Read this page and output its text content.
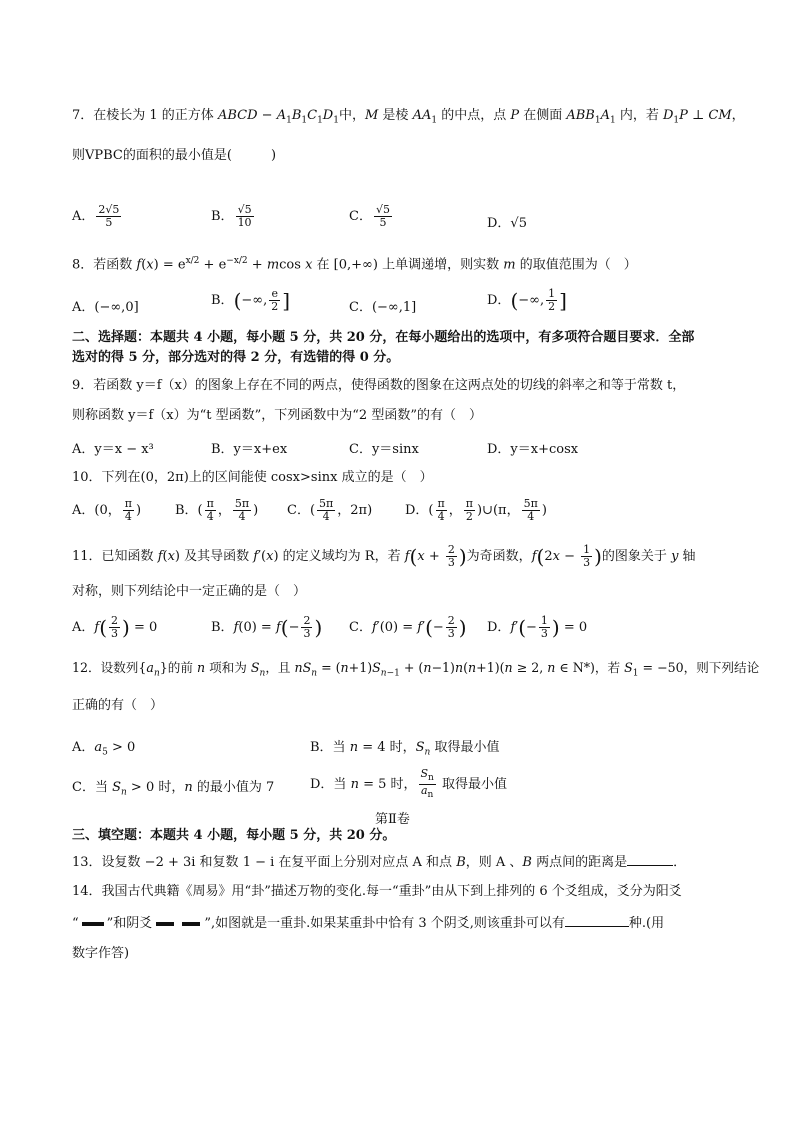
7．在棱长为 1 的正方体 ABCD − $A_1B_1C_1D_1$中，M 是棱 $AA_1$ 的中点，点 P 在侧面 $ABB_1A_1$ 内，若 $D_1P$ ⊥ CM，
则VPBC的面积的最小值是(　　　)
A． $\frac{2√5}{5}$	B． $\frac{√5}{10}$	C． $\frac{√5}{5}$	D．√5
8．若函数 $f(x) = e^{x/2} + e^{-x/2} + mcos$ x 在 [0,+∞) 上单调递增，则实数 m 的取值范围为（　）
A．(−∞,0]	B．(−∞, $\frac{e}{2}$ ]	C．(−∞,1]	D．(−∞, $\frac{1}{2}$ ]
二、选择题：本题共 4 小题，每小题 5 分，共 20 分，在每小题给出的选项中，有多项符合题目要求．全部
选对的得 5 分，部分选对的得 2 分，有选错的得 0 分。
9．若函数 y＝f（x）的图象上存在不同的两点，使得函数的图象在这两点处的切线的斜率之和等于常数 t，
则称函数 y＝f（x）为“t 型函数”，下列函数中为“2 型函数”的有（　）
A．y＝x − x³	B．y＝x+ex	C．y＝sinx	D．y＝x+cosx
10．下列在(0，2π)上的区间能使 cosx>sinx 成立的是（　）
A．(0， $\frac{\pi}{4}$ )	B．( $\frac{\pi}{4}$ ， $\frac{5\pi}{4}$ ) C．( $\frac{5\pi}{4}$ ，2π)	D．( $\frac{\pi}{4}$ ， $\frac{\pi}{2}$ )∪(π， $\frac{5\pi}{4}$ )
11．已知函数 f(x) 及其导函数 f′(x) 的定义域均为 R，若 $f(x + \frac{2}{3}$ )为奇函数，$f(2x - \frac{1}{3}$ )的图象关于 y 轴
对称，则下列结论中一定正确的是（　）
A．$f( \frac{2}{3}$ ) = 0	B．$f(0) = f(- \frac{2}{3}$ ) C．$f'(0) = f'(- \frac{2}{3}$ ) D．$f'(- \frac{1}{3}$ ) = 0
12．设数列$\{a_n\}$的前 n 项和为 $S_n$，且 $nS_n = (n+1)S_{n-1} + (n-1)n(n+1)(n \ge 2$, n ∈ N*)，若 $S_1 = -50$，则下列结论
正确的有（　）
A．$a_5 > 0$	B．当 n = 4 时，$S_n$ 取得最小值
C．当 $S_n > 0$ 时，n 的最小值为 7	D．当 n = 5 时， $\frac{S_n}{a_n}$ 取得最小值
第Ⅱ卷
三、填空题：本题共 4 小题，每小题 5 分，共 20 分。
13．设复数 −2 + 3i 和复数 1 − i 在复平面上分别对应点 A 和点 B，则 A 、B 两点间的距离是	．
14．我国古代典籍《周易》用“卦”描述万物的变化.每一“重卦”由从下到上排列的 6 个爻组成，爻分为阳爻
“ ”和阴爻	”,如图就是一重卦.如果某重卦中恰有 3 个阴爻,则该重卦可以有	种.(用
数字作答)
